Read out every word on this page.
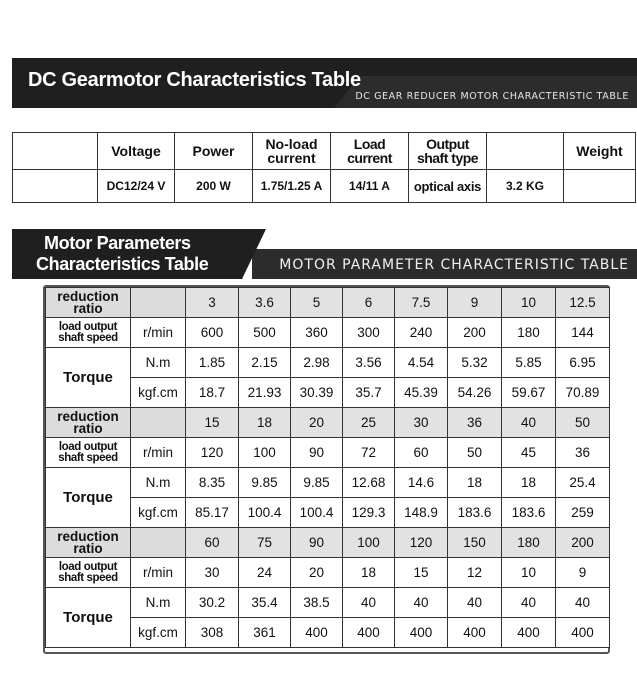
DC Gearmotor Characteristics Table
DC GEAR REDUCER MOTOR CHARACTERISTIC TABLE
	Voltage	Power	No-load current	Load current	Output shaft type		Weight
	DC12/24 V	200 W	1.75/1.25 A	14/11 A	optical axis	3.2 KG	
Motor Parameters
Characteristics Table	MOTOR PARAMETER CHARACTERISTIC TABLE
reduction ratio		3	3.6	5	6	7.5	9	10	12.5
load output shaft speed	r/min	600	500	360	300	240	200	180	144
Torque	N.m	1.85	2.15	2.98	3.56	4.54	5.32	5.85	6.95
	kgf.cm	18.7	21.93	30.39	35.7	45.39	54.26	59.67	70.89
reduction ratio		15	18	20	25	30	36	40	50
load output shaft speed	r/min	120	100	90	72	60	50	45	36
Torque	N.m	8.35	9.85	9.85	12.68	14.6	18	18	25.4
	kgf.cm	85.17	100.4	100.4	129.3	148.9	183.6	183.6	259
reduction ratio		60	75	90	100	120	150	180	200
load output shaft speed	r/min	30	24	20	18	15	12	10	9
Torque	N.m	30.2	35.4	38.5	40	40	40	40	40
	kgf.cm	308	361	400	400	400	400	400	400
